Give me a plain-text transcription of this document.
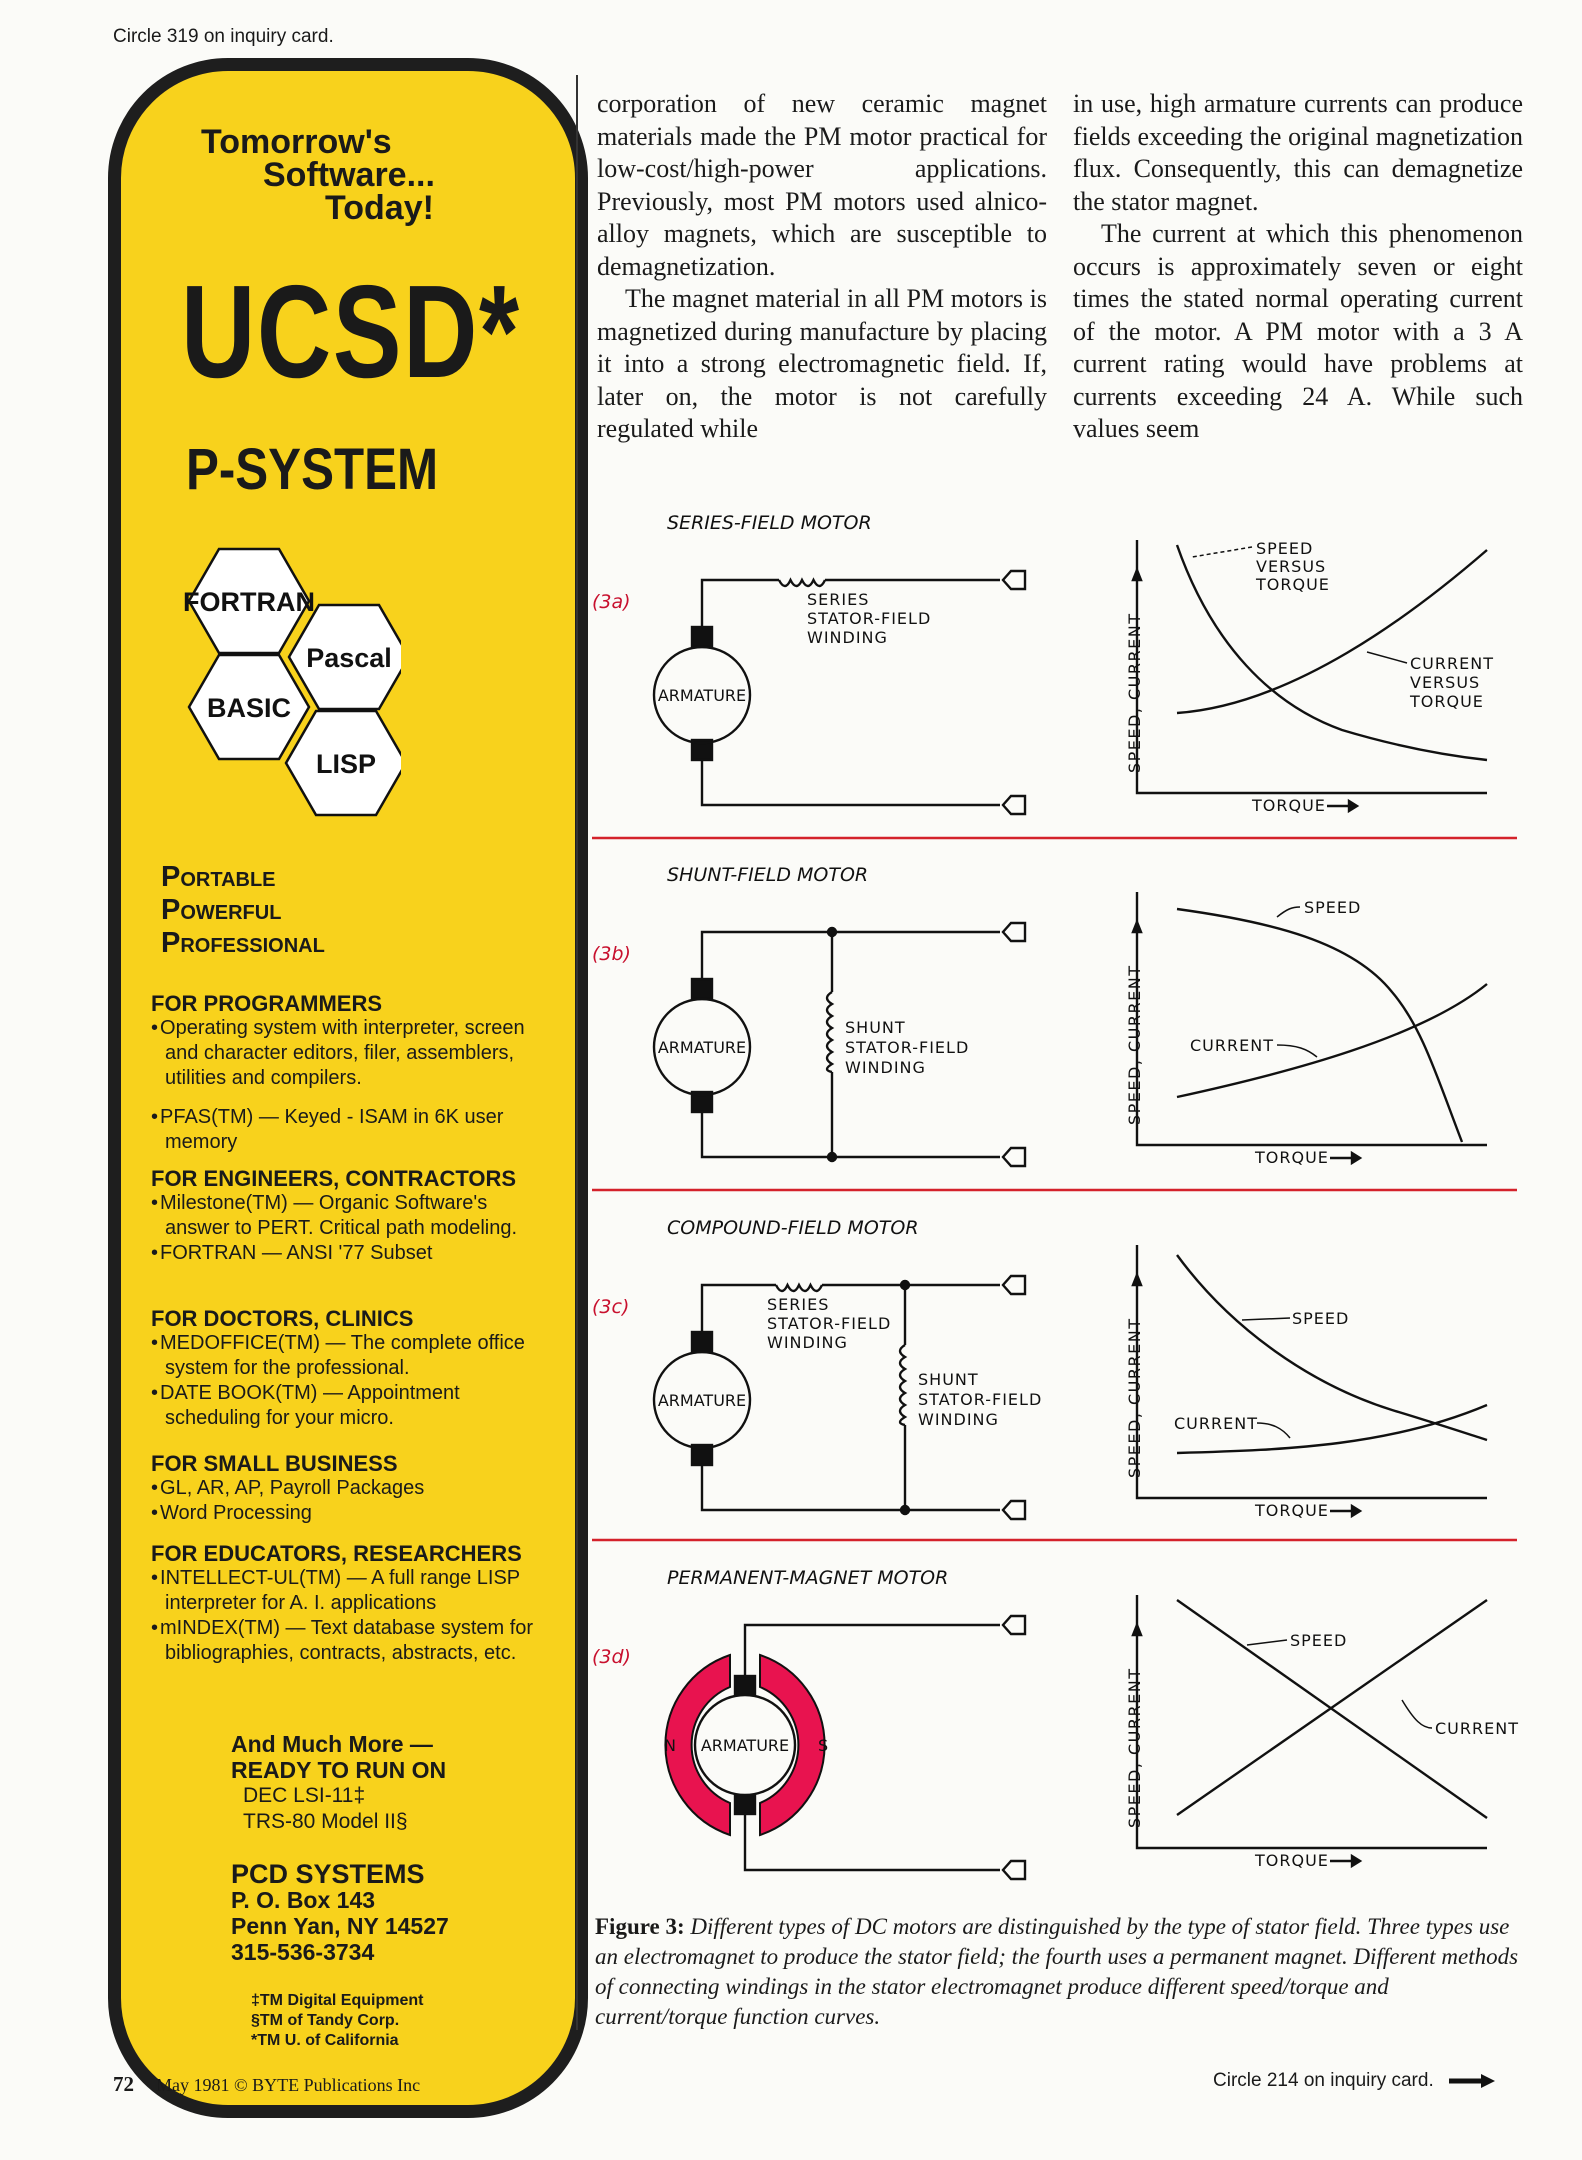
Circle 319 on inquiry card.
Tomorrow's
Software...
Today!
UCSD*
P-SYSTEM
FORTRAN
Pascal
BASIC
LISP
Portable
Powerful
Professional
FOR PROGRAMMERS
• Operating system with interpreter, screen and character editors, filer, assemblers, utilities and compilers.
• PFAS(TM) — Keyed - ISAM in 6K user memory
FOR ENGINEERS, CONTRACTORS
• Milestone(TM) — Organic Software's answer to PERT. Critical path modeling.
• FORTRAN — ANSI '77 Subset
FOR DOCTORS, CLINICS
• MEDOFFICE(TM) — The complete office system for the professional.
• DATE BOOK(TM) — Appointment scheduling for your micro.
FOR SMALL BUSINESS
• GL, AR, AP, Payroll Packages
• Word Processing
FOR EDUCATORS, RESEARCHERS
• INTELLECT-UL(TM) — A full range LISP interpreter for A. I. applications
• mINDEX(TM) — Text database system for bibliographies, contracts, abstracts, etc.
And Much More —
READY TO RUN ON
DEC LSI-11‡
TRS-80 Model II§
PCD SYSTEMS
P. O. Box 143
Penn Yan, NY 14527
315-536-3734
‡TM Digital Equipment
§TM of Tandy Corp.
*TM U. of California

corporation of new ceramic magnet materials made the PM motor practical for low-cost/high-power applications. Previously, most PM motors used alnico-alloy magnets, which are susceptible to demagnetization.

The magnet material in all PM motors is magnetized during manufacture by placing it into a strong electromagnetic field. If, later on, the motor is not carefully regulated while

in use, high armature currents can produce fields exceeding the original magnetization flux. Consequently, this can demagnetize the stator magnet.

The current at which this phenomenon occurs is approximately seven or eight times the stated normal operating current of the motor. A PM motor with a 3 A current rating would have problems at currents exceeding 24 A. While such values seem

SERIES-FIELD MOTOR
(3a)
ARMATURE
SERIES
STATOR-FIELD
WINDING
SPEED
VERSUS
TORQUE
CURRENT
VERSUS
TORQUE
SPEED, CURRENT
TORQUE
SHUNT-FIELD MOTOR
(3b)
ARMATURE
SHUNT
STATOR-FIELD
WINDING
SPEED
CURRENT
SPEED, CURRENT
TORQUE
COMPOUND-FIELD MOTOR
(3c)
ARMATURE
SERIES
STATOR-FIELD
WINDING
SHUNT
STATOR-FIELD
WINDING
SPEED
CURRENT
SPEED, CURRENT
TORQUE
PERMANENT-MAGNET MOTOR
(3d)
N	S
ARMATURE
SPEED
CURRENT
SPEED, CURRENT
TORQUE
Figure 3: Different types of DC motors are distinguished by the type of stator field. Three types use an electromagnet to produce the stator field; the fourth uses a permanent magnet. Different methods of connecting windings in the stator electromagnet produce different speed/torque and current/torque function curves.
72 May 1981 © BYTE Publications Inc	Circle 214 on inquiry card.
